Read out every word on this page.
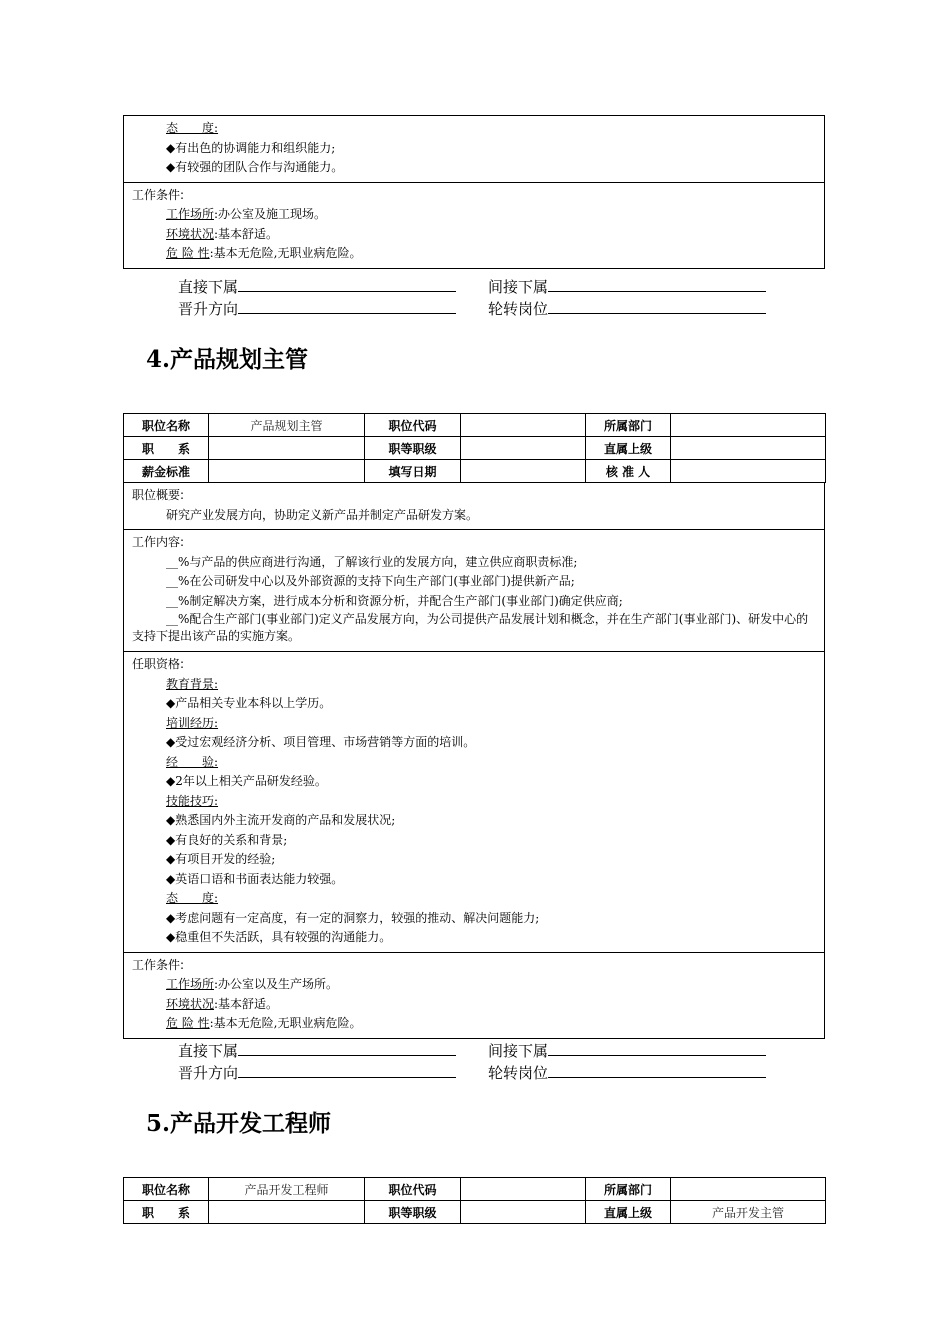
态　　度:
◆有出色的协调能力和组织能力;
◆有较强的团队合作与沟通能力。
工作条件:
工作场所:办公室及施工现场。
环境状况:基本舒适。
危 险 性:基本无危险,无职业病危险。
直接下属	间接下属
晋升方向	轮转岗位
4.产品规划主管
职位名称	产品规划主管	职位代码		所属部门	
职　　系		职等职级		直属上级	
薪金标准		填写日期		核 准 人	
职位概要:
研究产业发展方向，协助定义新产品并制定产品研发方案。
工作内容:
__%与产品的供应商进行沟通，了解该行业的发展方向，建立供应商职责标准;
__%在公司研发中心以及外部资源的支持下向生产部门(事业部门)提供新产品;
__%制定解决方案，进行成本分析和资源分析，并配合生产部门(事业部门)确定供应商;
__%配合生产部门(事业部门)定义产品发展方向，为公司提供产品发展计划和概念，并在生产部门(事业部门)、研发中心的支持下提出该产品的实施方案。
任职资格:
教育背景:
◆产品相关专业本科以上学历。
培训经历:
◆受过宏观经济分析、项目管理、市场营销等方面的培训。
经　　验:
◆2年以上相关产品研发经验。
技能技巧:
◆熟悉国内外主流开发商的产品和发展状况;
◆有良好的关系和背景;
◆有项目开发的经验;
◆英语口语和书面表达能力较强。
态　　度:
◆考虑问题有一定高度，有一定的洞察力，较强的推动、解决问题能力;
◆稳重但不失活跃，具有较强的沟通能力。
工作条件:
工作场所:办公室以及生产场所。
环境状况:基本舒适。
危 险 性:基本无危险,无职业病危险。
直接下属	间接下属
晋升方向	轮转岗位
5.产品开发工程师
职位名称	产品开发工程师	职位代码		所属部门	
职　　系		职等职级		直属上级	产品开发主管
